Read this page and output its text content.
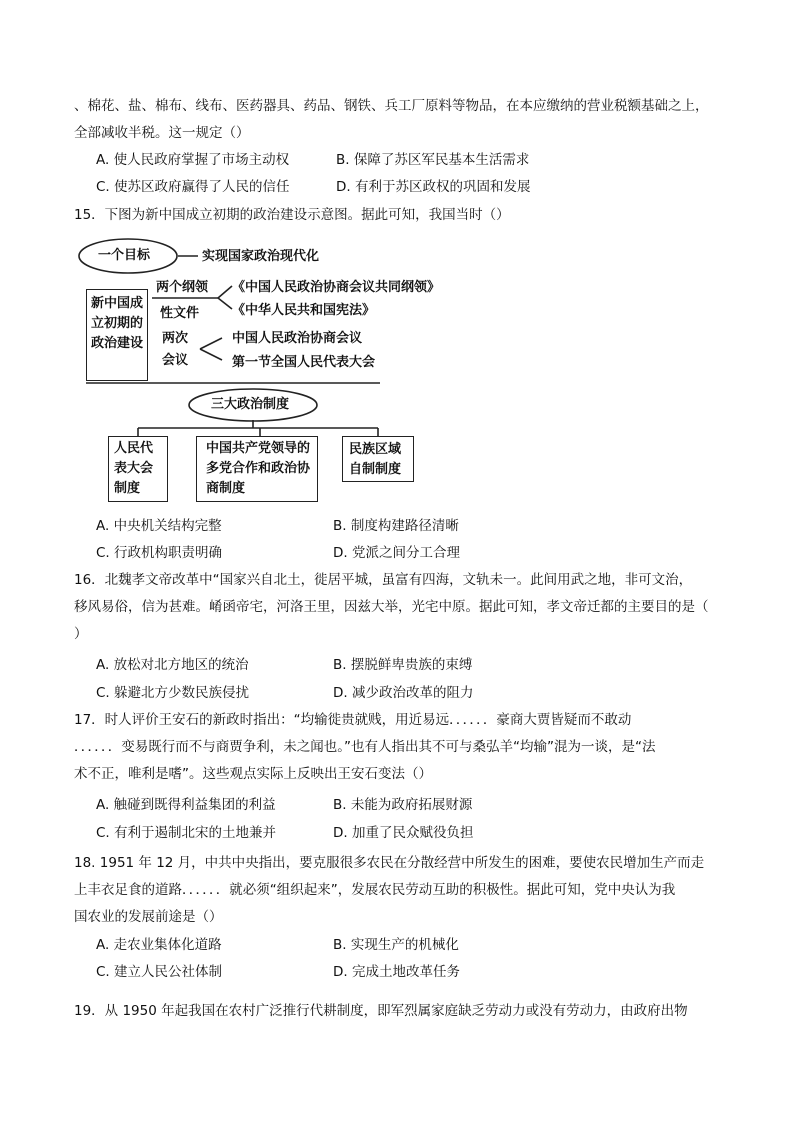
、棉花、盐、棉布、线布、医药器具、药品、钢铁、兵工厂原料等物品，在本应缴纳的营业税额基础之上，
全部减收半税。这一规定（）
A. 使人民政府掌握了市场主动权	B. 保障了苏区军民基本生活需求
C. 使苏区政府赢得了人民的信任	D. 有利于苏区政权的巩固和发展
15．下图为新中国成立初期的政治建设示意图。据此可知，我国当时（）
一个目标	实现国家政治现代化
新中国成立初期的政治建设
两个纲领
性文件
《中国人民政治协商会议共同纲领》
《中华人民共和国宪法》
两次
会议
中国人民政治协商会议
第一节全国人民代表大会
三大政治制度
人民代表大会制度
中国共产党领导的多党合作和政治协商制度
民族区域自制制度
A. 中央机关结构完整	B. 制度构建路径清晰
C. 行政机构职责明确	D. 党派之间分工合理
16．北魏孝文帝改革中“国家兴自北土，徙居平城，虽富有四海，文轨未一。此间用武之地，非可文治，
移风易俗，信为甚难。崤函帝宅，河洛王里，因兹大举，光宅中原。据此可知，孝文帝迁都的主要目的是（
）
A. 放松对北方地区的统治	B. 摆脱鲜卑贵族的束缚
C. 躲避北方少数民族侵扰	D. 减少政治改革的阻力
17．时人评价王安石的新政时指出：“均输徙贵就贱，用近易远．．．．．．豪商大贾皆疑而不敢动
．．．．．．变易既行而不与商贾争利，未之闻也。”也有人指出其不可与桑弘羊“均输”混为一谈，是“法
术不正，唯利是嗜”。这些观点实际上反映出王安石变法（）
A. 触碰到既得利益集团的利益	B. 未能为政府拓展财源
C. 有利于遏制北宋的土地兼并	D. 加重了民众赋役负担
18. 1951 年 12 月，中共中央指出，要克服很多农民在分散经营中所发生的困难，要使农民增加生产而走
上丰衣足食的道路．．．．．．就必须“组织起来”，发展农民劳动互助的积极性。据此可知，党中央认为我
国农业的发展前途是（）
A. 走农业集体化道路	B. 实现生产的机械化
C. 建立人民公社体制	D. 完成土地改革任务
19．从 1950 年起我国在农村广泛推行代耕制度，即军烈属家庭缺乏劳动力或没有劳动力，由政府出物
